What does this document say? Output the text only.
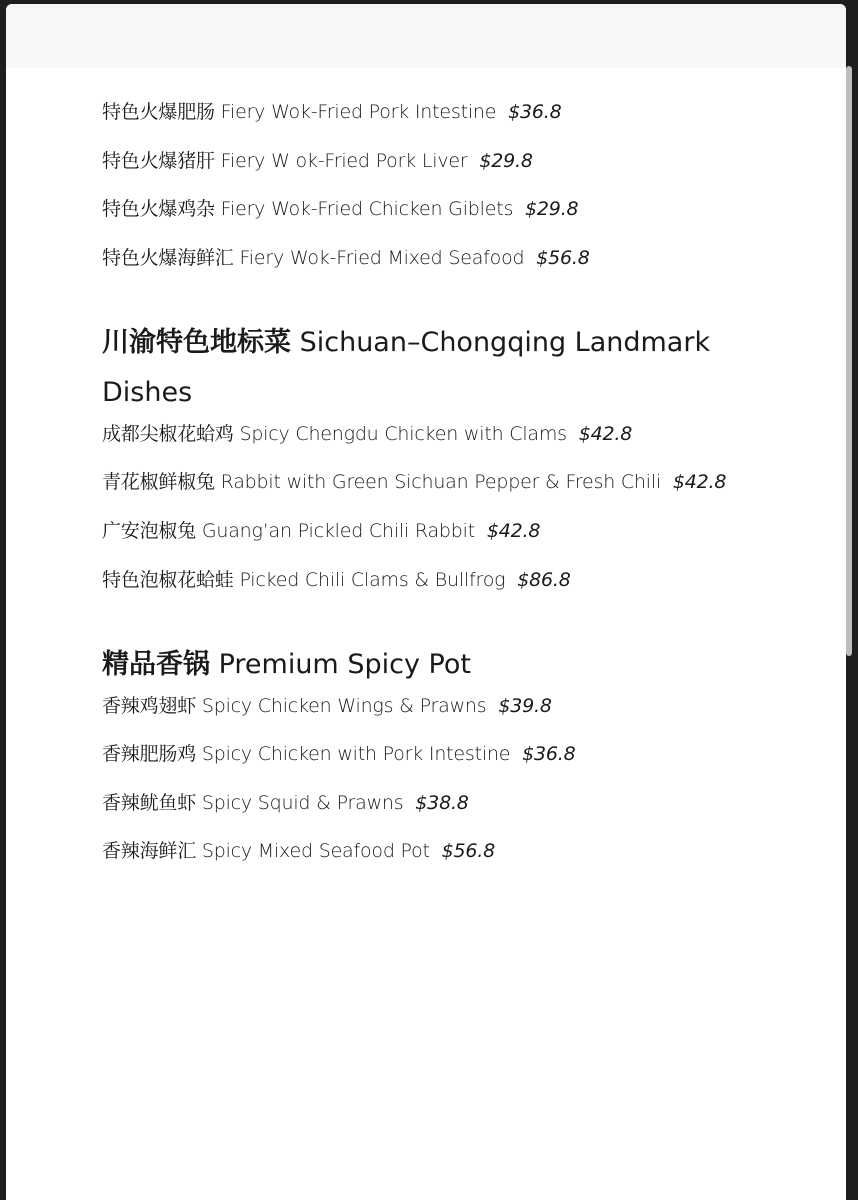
特色火爆肥肠 Fiery Wok-Fried Pork Intestine $36.8
特色火爆猪肝 Fiery W ok-Fried Pork Liver $29.8
特色火爆鸡杂 Fiery Wok-Fried Chicken Giblets $29.8
特色火爆海鲜汇 Fiery Wok-Fried Mixed Seafood $56.8
川渝特色地标菜 Sichuan–Chongqing Landmark Dishes
成都尖椒花蛤鸡 Spicy Chengdu Chicken with Clams $42.8
青花椒鲜椒兔 Rabbit with Green Sichuan Pepper & Fresh Chili $42.8
广安泡椒兔 Guang’an Pickled Chili Rabbit $42.8
特色泡椒花蛤蛙 Picked Chili Clams & Bullfrog $86.8
精品香锅 Premium Spicy Pot
香辣鸡翅虾 Spicy Chicken Wings & Prawns $39.8
香辣肥肠鸡 Spicy Chicken with Pork Intestine $36.8
香辣鱿鱼虾 Spicy Squid & Prawns $38.8
香辣海鲜汇 Spicy Mixed Seafood Pot $56.8
